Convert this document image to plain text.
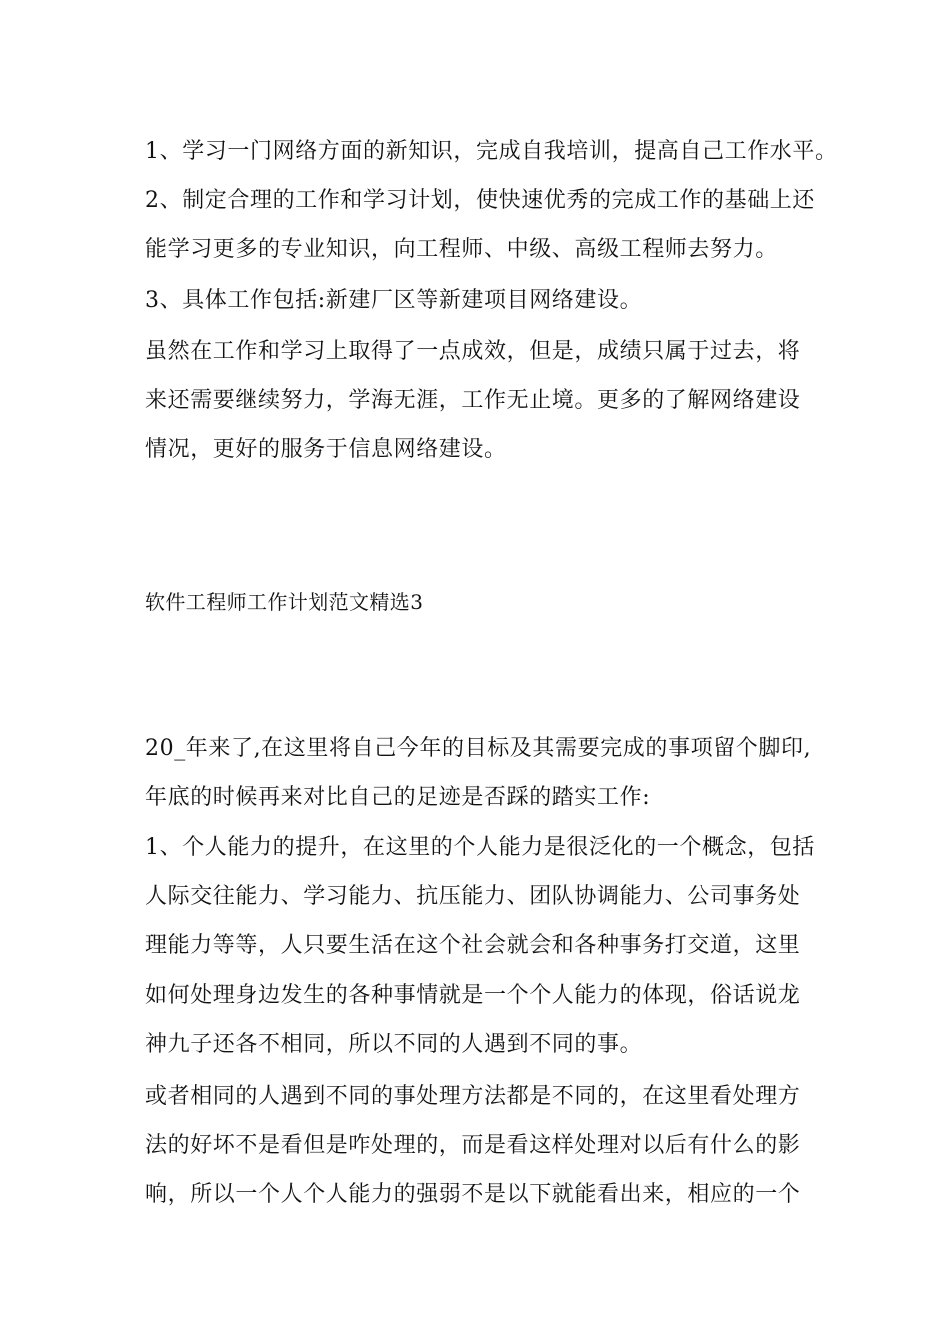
1、学习一门网络方面的新知识，完成自我培训，提高自己工作水平。
2、制定合理的工作和学习计划，使快速优秀的完成工作的基础上还
能学习更多的专业知识，向工程师、中级、高级工程师去努力。
3、具体工作包括:新建厂区等新建项目网络建设。
虽然在工作和学习上取得了一点成效，但是，成绩只属于过去，将
来还需要继续努力，学海无涯，工作无止境。更多的了解网络建设
情况，更好的服务于信息网络建设。
软件工程师工作计划范文精选3
20_年来了,在这里将自己今年的目标及其需要完成的事项留个脚印,
年底的时候再来对比自己的足迹是否踩的踏实工作:
1、个人能力的提升，在这里的个人能力是很泛化的一个概念，包括
人际交往能力、学习能力、抗压能力、团队协调能力、公司事务处
理能力等等，人只要生活在这个社会就会和各种事务打交道，这里
如何处理身边发生的各种事情就是一个个人能力的体现，俗话说龙
神九子还各不相同，所以不同的人遇到不同的事。
或者相同的人遇到不同的事处理方法都是不同的，在这里看处理方
法的好坏不是看但是咋处理的，而是看这样处理对以后有什么的影
响，所以一个人个人能力的强弱不是以下就能看出来，相应的一个
